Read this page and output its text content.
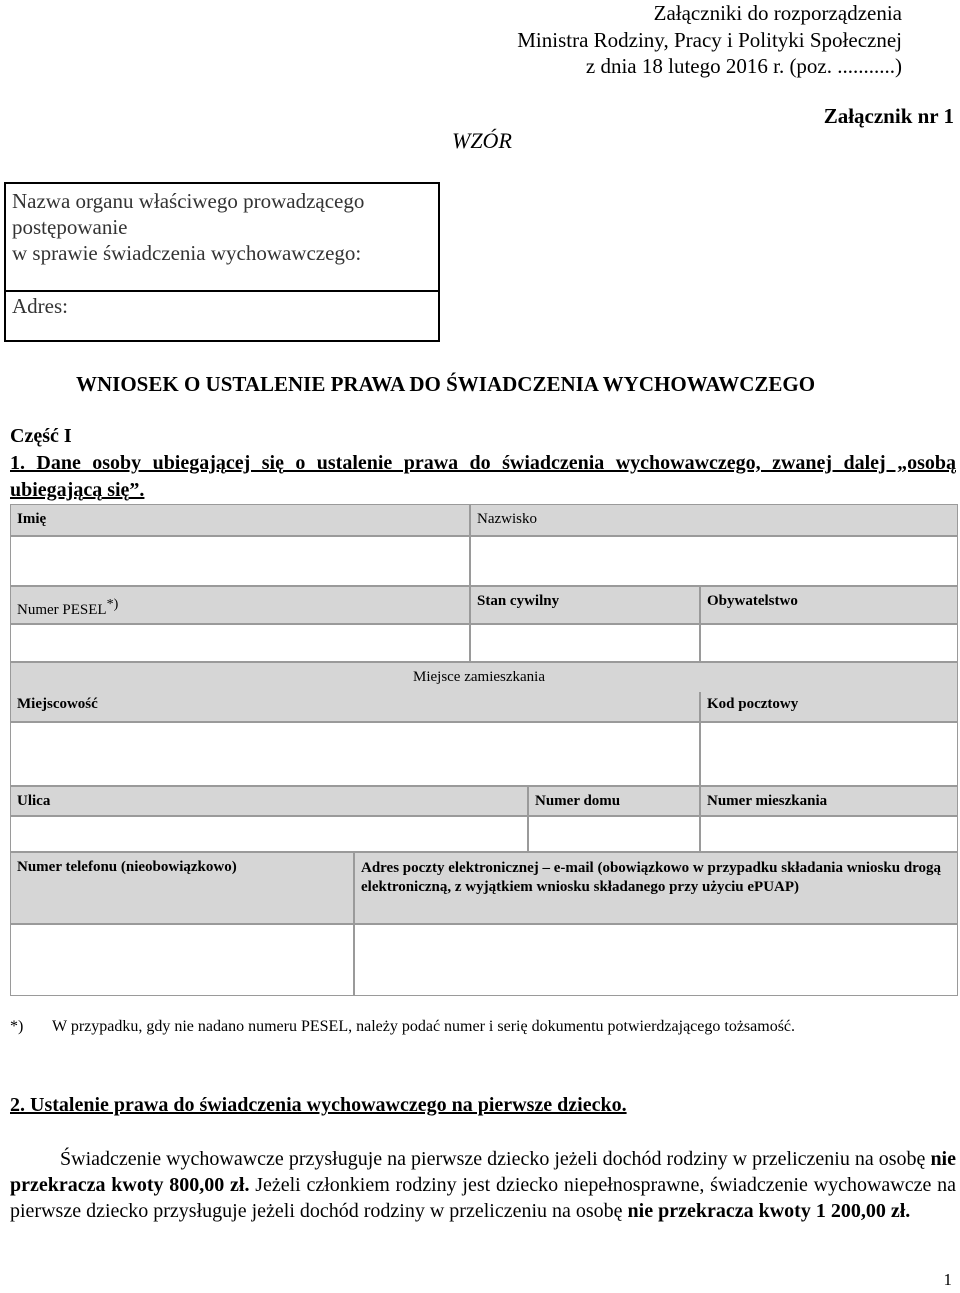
Załączniki do rozporządzenia
Ministra Rodziny, Pracy i Polityki Społecznej
z dnia 18 lutego 2016 r. (poz. ...........)
WZÓR
Załącznik nr 1
Nazwa organu właściwego prowadzącego
postępowanie
w sprawie świadczenia wychowawczego:
Adres:
WNIOSEK O USTALENIE PRAWA DO ŚWIADCZENIA WYCHOWAWCZEGO
Część I
1. Dane osoby ubiegającej się o ustalenie prawa do świadczenia wychowawczego, zwanej dalej „osobą ubiegającą się”.
Imię	Nazwisko
Numer PESEL*)	Stan cywilny	Obywatelstwo
Miejsce zamieszkania
Miejscowość	Kod pocztowy
Ulica	Numer domu	Numer mieszkania
Numer telefonu (nieobowiązkowo)	Adres poczty elektronicznej – e-mail (obowiązkowo w przypadku składania wniosku drogą elektroniczną, z wyjątkiem wniosku składanego przy użyciu ePUAP)
*) W przypadku, gdy nie nadano numeru PESEL, należy podać numer i serię dokumentu potwierdzającego tożsamość.
2. Ustalenie prawa do świadczenia wychowawczego na pierwsze dziecko.
Świadczenie wychowawcze przysługuje na pierwsze dziecko jeżeli dochód rodziny w przeliczeniu na osobę nie przekracza kwoty 800,00 zł. Jeżeli członkiem rodziny jest dziecko niepełnosprawne, świadczenie wychowawcze na pierwsze dziecko przysługuje jeżeli dochód rodziny w przeliczeniu na osobę nie przekracza kwoty 1 200,00 zł.
1
